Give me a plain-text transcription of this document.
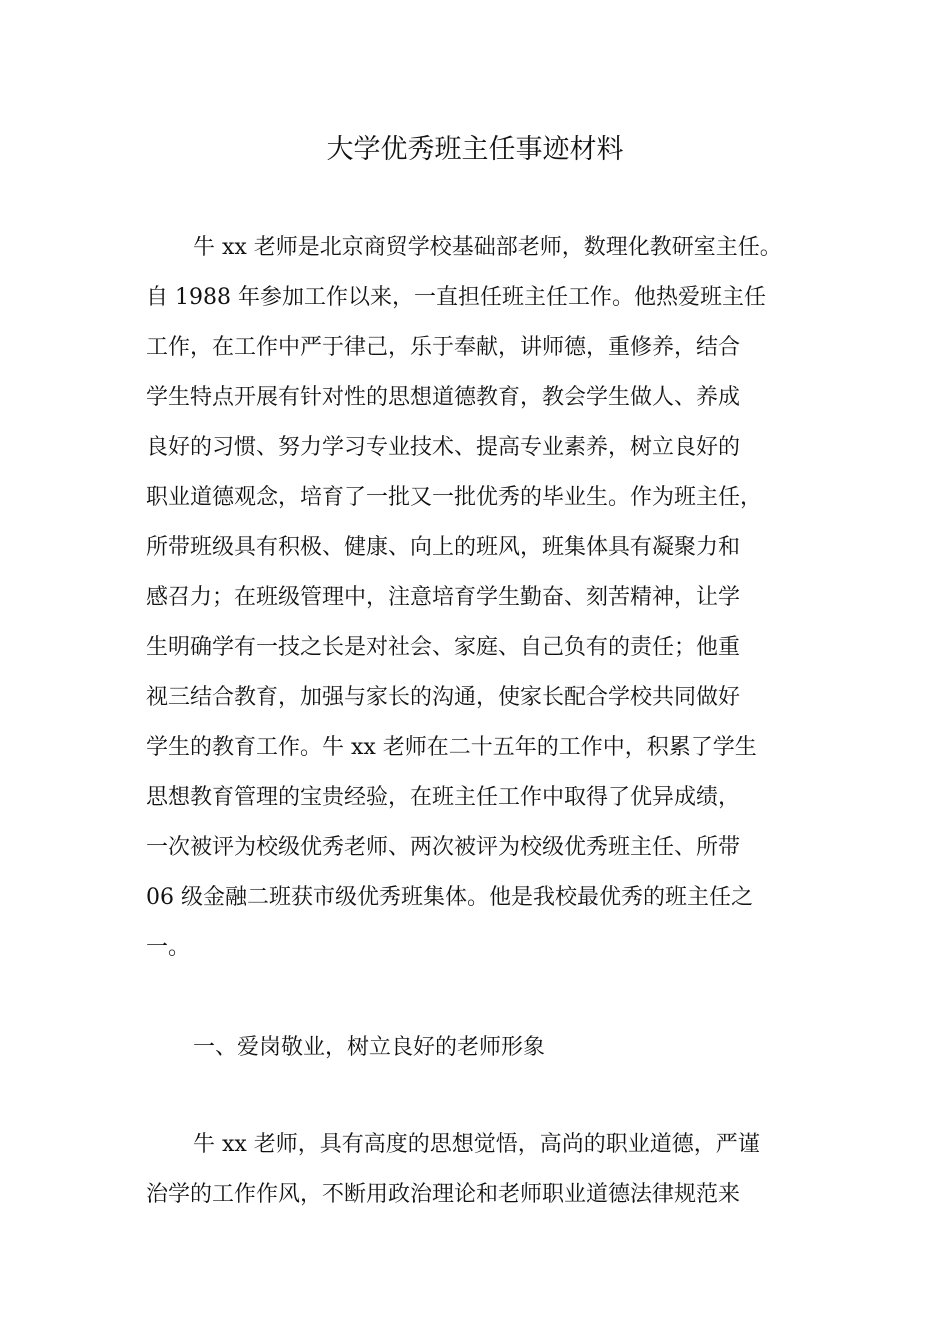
大学优秀班主任事迹材料
牛 xx 老师是北京商贸学校基础部老师，数理化教研室主任。
自 1988 年参加工作以来，一直担任班主任工作。他热爱班主任
工作，在工作中严于律己，乐于奉献，讲师德，重修养，结合
学生特点开展有针对性的思想道德教育，教会学生做人、养成
良好的习惯、努力学习专业技术、提高专业素养，树立良好的
职业道德观念，培育了一批又一批优秀的毕业生。作为班主任，
所带班级具有积极、健康、向上的班风，班集体具有凝聚力和
感召力；在班级管理中，注意培育学生勤奋、刻苦精神，让学
生明确学有一技之长是对社会、家庭、自己负有的责任；他重
视三结合教育，加强与家长的沟通，使家长配合学校共同做好
学生的教育工作。牛 xx 老师在二十五年的工作中，积累了学生
思想教育管理的宝贵经验，在班主任工作中取得了优异成绩，
一次被评为校级优秀老师、两次被评为校级优秀班主任、所带
06 级金融二班获市级优秀班集体。他是我校最优秀的班主任之
一。
一、爱岗敬业，树立良好的老师形象
牛 xx 老师，具有高度的思想觉悟，高尚的职业道德，严谨
治学的工作作风，不断用政治理论和老师职业道德法律规范来
